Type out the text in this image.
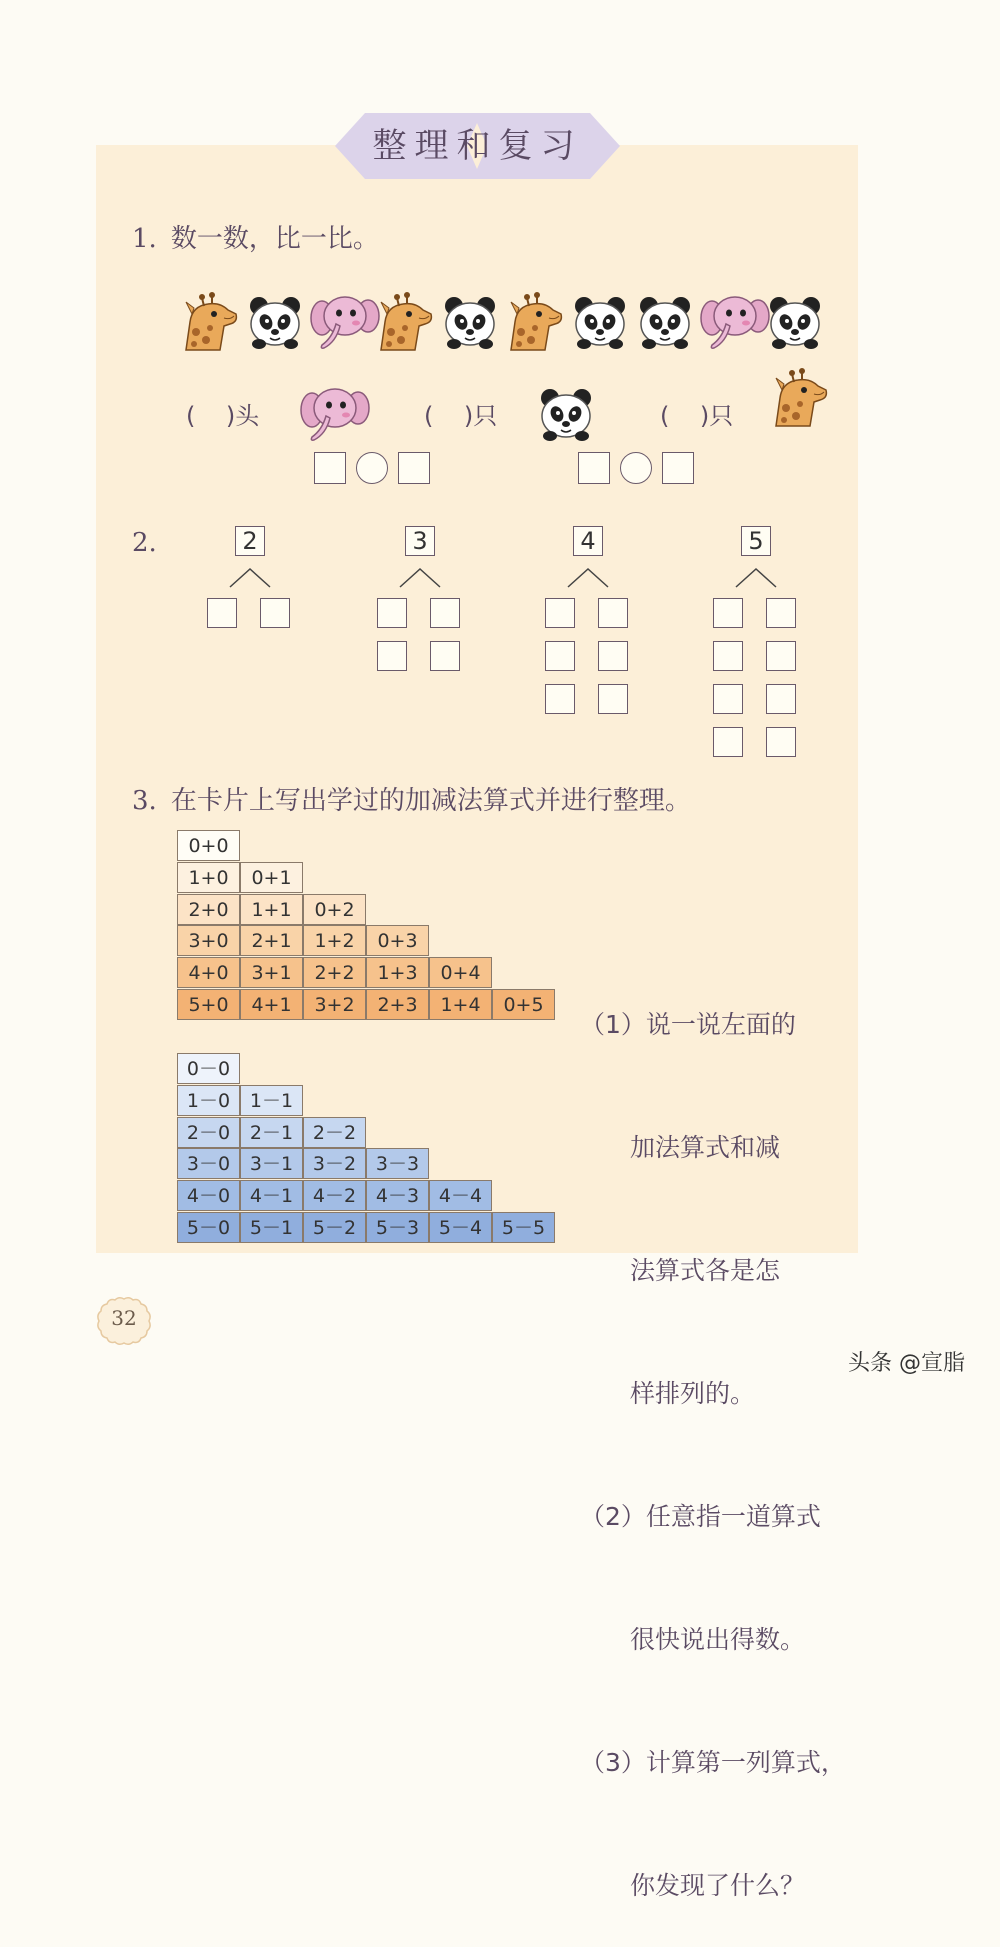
整理和复习
1. 数一数，比一比。
(    )头	(    )只	(    )只
2.	2	3	4	5
3. 在卡片上写出学过的加减法算式并进行整理。
0+0
1+0	0+1
2+0	1+1	0+2
3+0	2+1	1+2	0+3
4+0	3+1	2+2	1+3	0+4
5+0	4+1	3+2	2+3	1+4	0+5
0－0
1－0	1－1
2－0	2－1	2－2
3－0	3－1	3－2	3－3
4－0	4－1	4－2	4－3	4－4
5－0	5－1	5－2	5－3	5－4	5－5

（1）说一说左面的

　　加法算式和减

　　法算式各是怎

　　样排列的。

（2）任意指一道算式

　　很快说出得数。

（3）计算第一列算式，

　　你发现了什么？

32
头条 @宣脂
